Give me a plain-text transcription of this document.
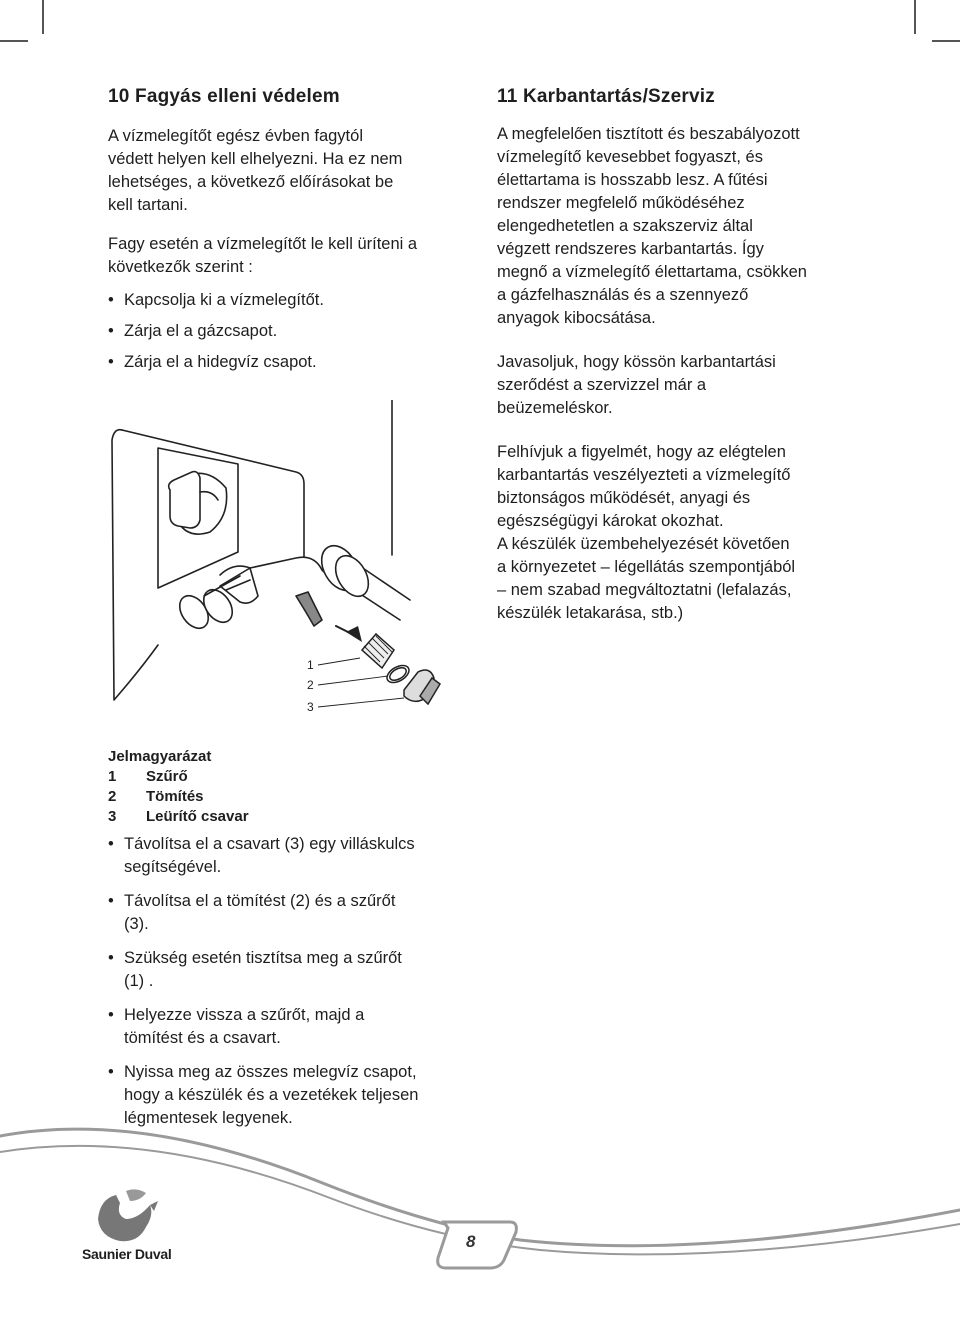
10 Fagyás elleni védelem

A vízmelegítőt egész évben fagytól
védett helyen kell elhelyezni. Ha ez nem
lehetséges, a következő előírásokat be
kell tartani.

Fagy esetén a vízmelegítőt le kell üríteni a
következők szerint :

• Kapcsolja ki a vízmelegítőt.
• Zárja el a gázcsapot.
• Zárja el a hidegvíz csapot.
11 Karbantartás/Szerviz

A megfelelően tisztított és beszabályozott
vízmelegítő kevesebbet fogyaszt, és
élettartama is hosszabb lesz. A fűtési
rendszer megfelelő működéséhez
elengedhetetlen a szakszerviz által
végzett rendszeres karbantartás. Így
megnő a vízmelegítő élettartama, csökken
a gázfelhasználás és a szennyező
anyagok kibocsátása.

Javasoljuk, hogy kössön karbantartási
szerődést a szervizzel már a
beüzemeléskor.

Felhívjuk a figyelmét, hogy az elégtelen
karbantartás veszélyezteti a vízmelegítő
biztonságos működését, anyagi és
egészségügyi károkat okozhat.
A készülék üzembehelyezését követően
a környezetet – légellátás szempontjából
– nem szabad megváltoztatni (lefalazás,
készülék letakarása, stb.)

1
2
3
Jelmagyarázat
1 Szűrő
2 Tömítés
3 Leürítő csavar
• Távolítsa el a csavart (3) egy villáskulcs
segítségével.
• Távolítsa el a tömítést (2) és a szűrőt
(3).
• Szükség esetén tisztítsa meg a szűrőt
(1) .
• Helyezze vissza a szűrőt, majd a
tömítést és a csavart.
• Nyissa meg az összes melegvíz csapot,
hogy a készülék és a vezetékek teljesen
légmentesek legyenek.
Saunier Duval
8
